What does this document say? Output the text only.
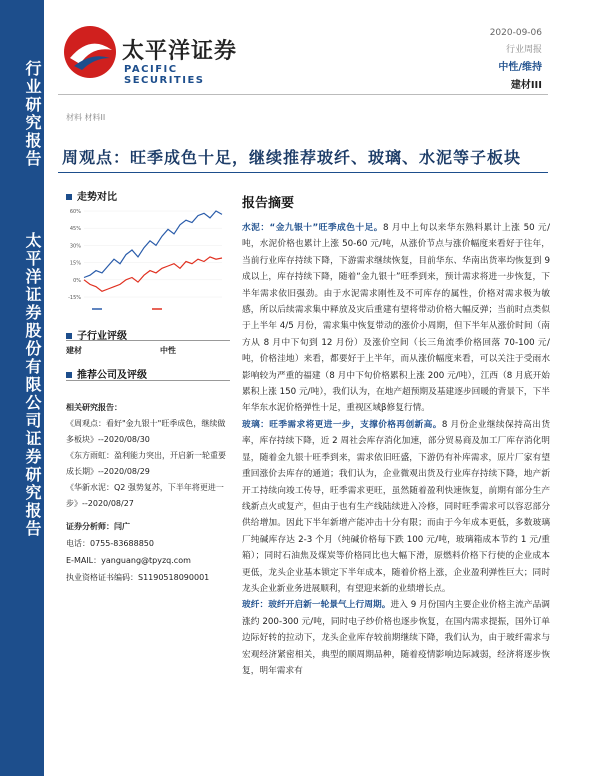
行业研究报告
太平洋证券股份有限公司证券研究报告
太平洋证券
PACIFIC SECURITIES
2020-09-06
行业周报
中性/维持
建材III
材料 材料II
周观点：旺季成色十足，继续推荐玻纤、玻璃、水泥等子板块
走势对比
60%
45%
30%
15%
0%
-15%
子行业评级
建材	中性
推荐公司及评级
相关研究报告：
《周观点：看好"金九银十"旺季成色，继续做多板块》--2020/08/30
《东方雨虹：盈利能力突出，开启新一轮重要成长期》--2020/08/29
《华新水泥：Q2 强势复苏，下半年将更进一步》--2020/08/27
证券分析师：闫广
电话：0755-83688850
E-MAIL：yanguang@tpyzq.com
执业资格证书编码：S1190518090001
报告摘要

水泥：“金九银十”旺季成色十足。8 月中上旬以来华东熟料累计上涨 50 元/吨，水泥价格也累计上涨 50-60 元/吨，从涨价节点与涨价幅度来看好于往年，当前行业库存持续下降，下游需求继续恢复，目前华东、华南出货率均恢复到 9 成以上，库存持续下降，随着“金九银十”旺季到来，预计需求将进一步恢复，下半年需求依旧强劲。由于水泥需求刚性及不可库存的属性，价格对需求极为敏感，所以后续需求集中释放及灾后重建有望将带动价格大幅反弹；当前时点类似于上半年 4/5 月份，需求集中恢复带动的涨价小周期，但下半年从涨价时间（南方从 8 月中下旬到 12 月份）及涨价空间（长三角流季价格回落 70-100 元/吨，价格洼地）来看，都要好于上半年，而从涨价幅度来看，可以关注于受雨水影响较为严重的福建（8 月中下旬价格累积上涨 200 元/吨），江西（8 月底开始累积上涨 150 元/吨），我们认为，在地产超预期及基建逐步回暖的背景下，下半年华东水泥价格弹性十足，重视区域β修复行情。

玻璃：旺季需求将更进一步，支撑价格再创新高。8 月份企业继续保持高出货率，库存持续下降，近 2 周社会库存消化加速，部分贸易商及加工厂库存消化明显，随着金九银十旺季到来，需求依旧旺盛，下游仍有补库需求，原片厂家有望重回涨价去库存的通道；我们认为，企业微观出货及行业库存持续下降，地产新开工持续向竣工传导，旺季需求更旺，虽然随着盈利快速恢复，前期有部分生产线新点火或复产，但由于也有生产线陆续进入冷修，同时旺季需求可以容忍部分供给增加。因此下半年新增产能冲击十分有限；而由于今年成本更低，多数玻璃厂纯碱库存达 2-3 个月（纯碱价格每下跌 100 元/吨，玻璃箱成本节约 1 元/重箱）；同时石油焦及煤炭等价格同比也大幅下滑，原燃料价格下行使的企业成本更低，龙头企业基本锁定下半年成本，随着价格上涨，企业盈利弹性巨大；同时龙头企业新业务进展顺利，有望迎来新的业绩增长点。

玻纤：玻纤开启新一轮景气上行周期。进入 9 月份国内主要企业价格主流产品调涨约 200-300 元/吨，同时电子纱价格也逐步恢复，在国内需求提振，国外订单边际好转的拉动下，龙头企业库存较前期继续下降，我们认为，由于玻纤需求与宏观经济紧密相关，典型的顺周期品种，随着疫情影响边际减弱，经济将逐步恢复，明年需求有
